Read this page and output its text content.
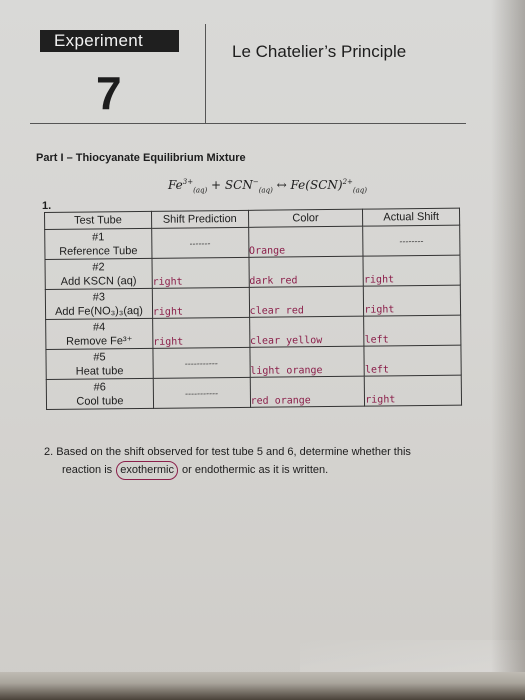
Experiment
7
Le Chatelier’s Principle
Part I – Thiocyanate Equilibrium Mixture
$Fe^{3+}_{(aq)} + SCN^-_{(aq)}$ ↔ Fe(SCN)$^{2+}_{(aq)}$
1.
Test Tube	Shift Prediction	Color	Actual Shift
#1
Reference Tube	-------	Orange	--------
#2
Add KSCN (aq)	right	dark red	right
#3
Add Fe(NO₃)₃(aq)	right	clear red	right
#4
Remove Fe³⁺	right	clear yellow	left
#5
Heat tube	-----------	light orange	left
#6
Cool tube	-----------	red orange	right
2. Based on the shift observed for test tube 5 and 6, determine whether this
reaction is exothermic or endothermic as it is written.
